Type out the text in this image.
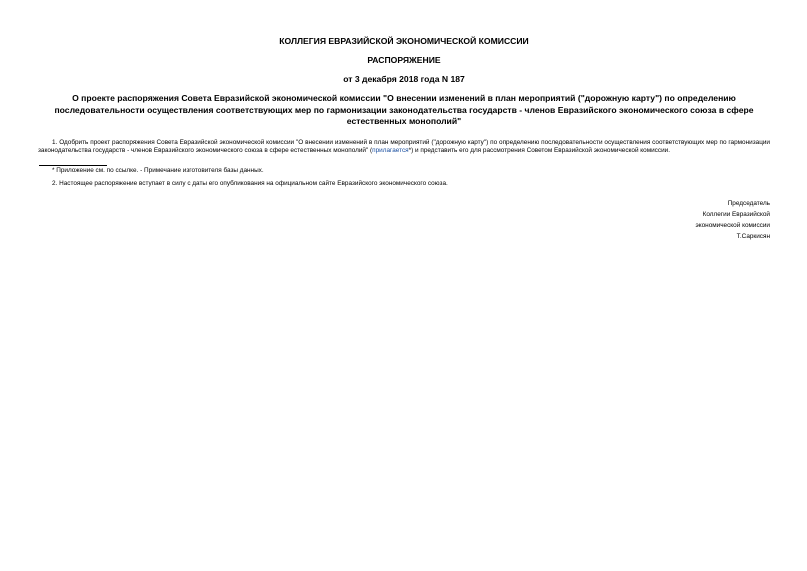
КОЛЛЕГИЯ ЕВРАЗИЙСКОЙ ЭКОНОМИЧЕСКОЙ КОМИССИИ

РАСПОРЯЖЕНИЕ

от 3 декабря 2018 года N 187

О проекте распоряжения Совета Евразийской экономической комиссии "О внесении изменений в план мероприятий ("дорожную карту") по определению последовательности осуществления соответствующих мер по гармонизации законодательства государств - членов Евразийского экономического союза в сфере естественных монополий"

1. Одобрить проект распоряжения Совета Евразийской экономической комиссии "О внесении изменений в план мероприятий ("дорожную карту") по определению последовательности осуществления соответствующих мер по гармонизации законодательства государств - членов Евразийского экономического союза в сфере естественных монополий" (прилагается*) и представить его для рассмотрения Советом Евразийской экономической комиссии.

* Приложение см. по ссылке. - Примечание изготовителя базы данных.

2. Настоящее распоряжение вступает в силу с даты его опубликования на официальном сайте Евразийского экономического союза.

Председатель
Коллегии Евразийской
экономической комиссии
Т.Саркисян
